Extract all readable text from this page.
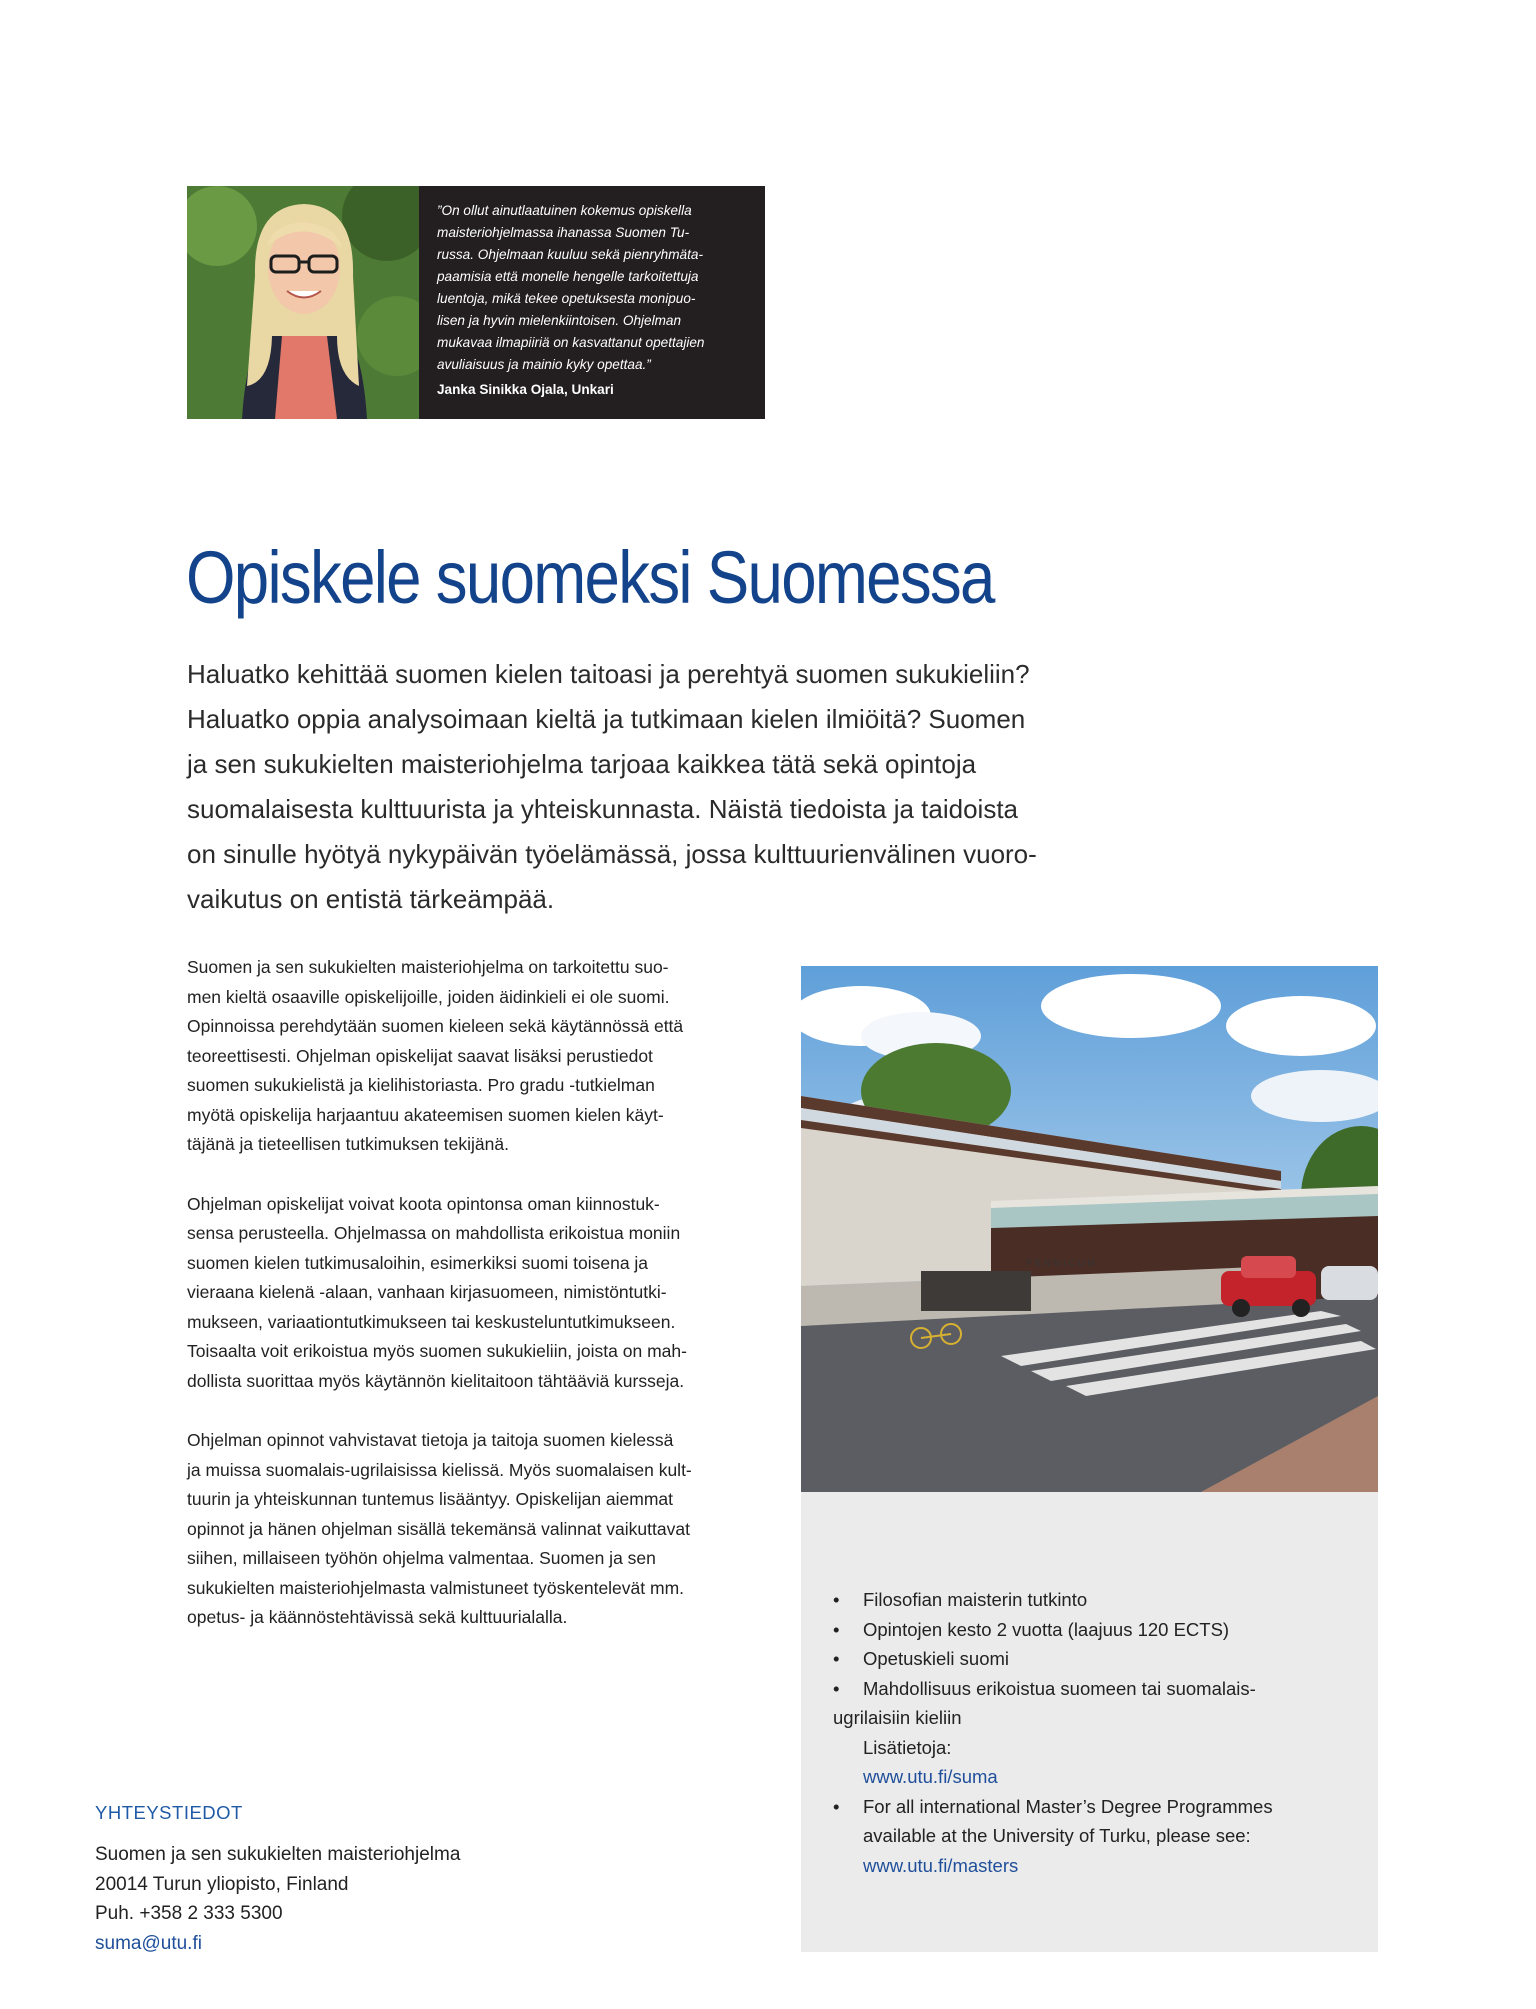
”On ollut ainutlaatuinen kokemus opiskella
maisteriohjelmassa ihanassa Suomen Tu-
russa. Ohjelmaan kuuluu sekä pienryhmäta-
paamisia että monelle hengelle tarkoitettuja
luentoja, mikä tekee opetuksesta monipuo-
lisen ja hyvin mielenkiintoisen. Ohjelman
mukavaa ilmapiiriä on kasvattanut opettajien
avuliaisuus ja mainio kyky opettaa.”

Janka Sinikka Ojala, Unkari
Opiskele suomeksi Suomessa
Haluatko kehittää suomen kielen taitoasi ja perehtyä suomen sukukieliin?
Haluatko oppia analysoimaan kieltä ja tutkimaan kielen ilmiöitä? Suomen
ja sen sukukielten maisteriohjelma tarjoaa kaikkea tätä sekä opintoja
suomalaisesta kulttuurista ja yhteiskunnasta. Näistä tiedoista ja taidoista
on sinulle hyötyä nykypäivän työelämässä, jossa kulttuurienvälinen vuoro-
vaikutus on entistä tärkeämpää.

Suomen ja sen sukukielten maisteriohjelma on tarkoitettu suo-
men kieltä osaaville opiskelijoille, joiden äidinkieli ei ole suomi.
Opinnoissa perehdytään suomen kieleen sekä käytännössä että
teoreettisesti. Ohjelman opiskelijat saavat lisäksi perustiedot
suomen sukukielistä ja kielihistoriasta. Pro gradu -tutkielman
myötä opiskelija harjaantuu akateemisen suomen kielen käyt-
täjänä ja tieteellisen tutkimuksen tekijänä.

Ohjelman opiskelijat voivat koota opintonsa oman kiinnostuk-
sensa perusteella. Ohjelmassa on mahdollista erikoistua moniin
suomen kielen tutkimusaloihin, esimerkiksi suomi toisena ja
vieraana kielenä -alaan, vanhaan kirjasuomeen, nimistöntutki-
mukseen, variaationtutkimukseen tai keskusteluntutkimukseen.
Toisaalta voit erikoistua myös suomen sukukieliin, joista on mah-
dollista suorittaa myös käytännön kielitaitoon tähtääviä kursseja.

Ohjelman opinnot vahvistavat tietoja ja taitoja suomen kielessä
ja muissa suomalais-ugrilaisissa kielissä. Myös suomalaisen kult-
tuurin ja yhteiskunnan tuntemus lisääntyy. Opiskelijan aiemmat
opinnot ja hänen ohjelman sisällä tekemänsä valinnat vaikuttavat
siihen, millaiseen työhön ohjelma valmentaa. Suomen ja sen
sukukielten maisteriohjelmasta valmistuneet työskentelevät mm.
opetus- ja käännöstehtävissä sekä kulttuurialalla.

PENNICUM
• Filosofian maisterin tutkinto
• Opintojen kesto 2 vuotta (laajuus 120 ECTS)
• Opetuskieli suomi
• Mahdollisuus erikoistua suomeen tai suomalais-
ugrilaisiin kieliin
Lisätietoja:
www.utu.fi/suma
• For all international Master’s Degree Programmes
available at the University of Turku, please see:
www.utu.fi/masters
YHTEYSTIEDOT
Suomen ja sen sukukielten maisteriohjelma
20014 Turun yliopisto, Finland
Puh. +358 2 333 5300
suma@utu.fi
